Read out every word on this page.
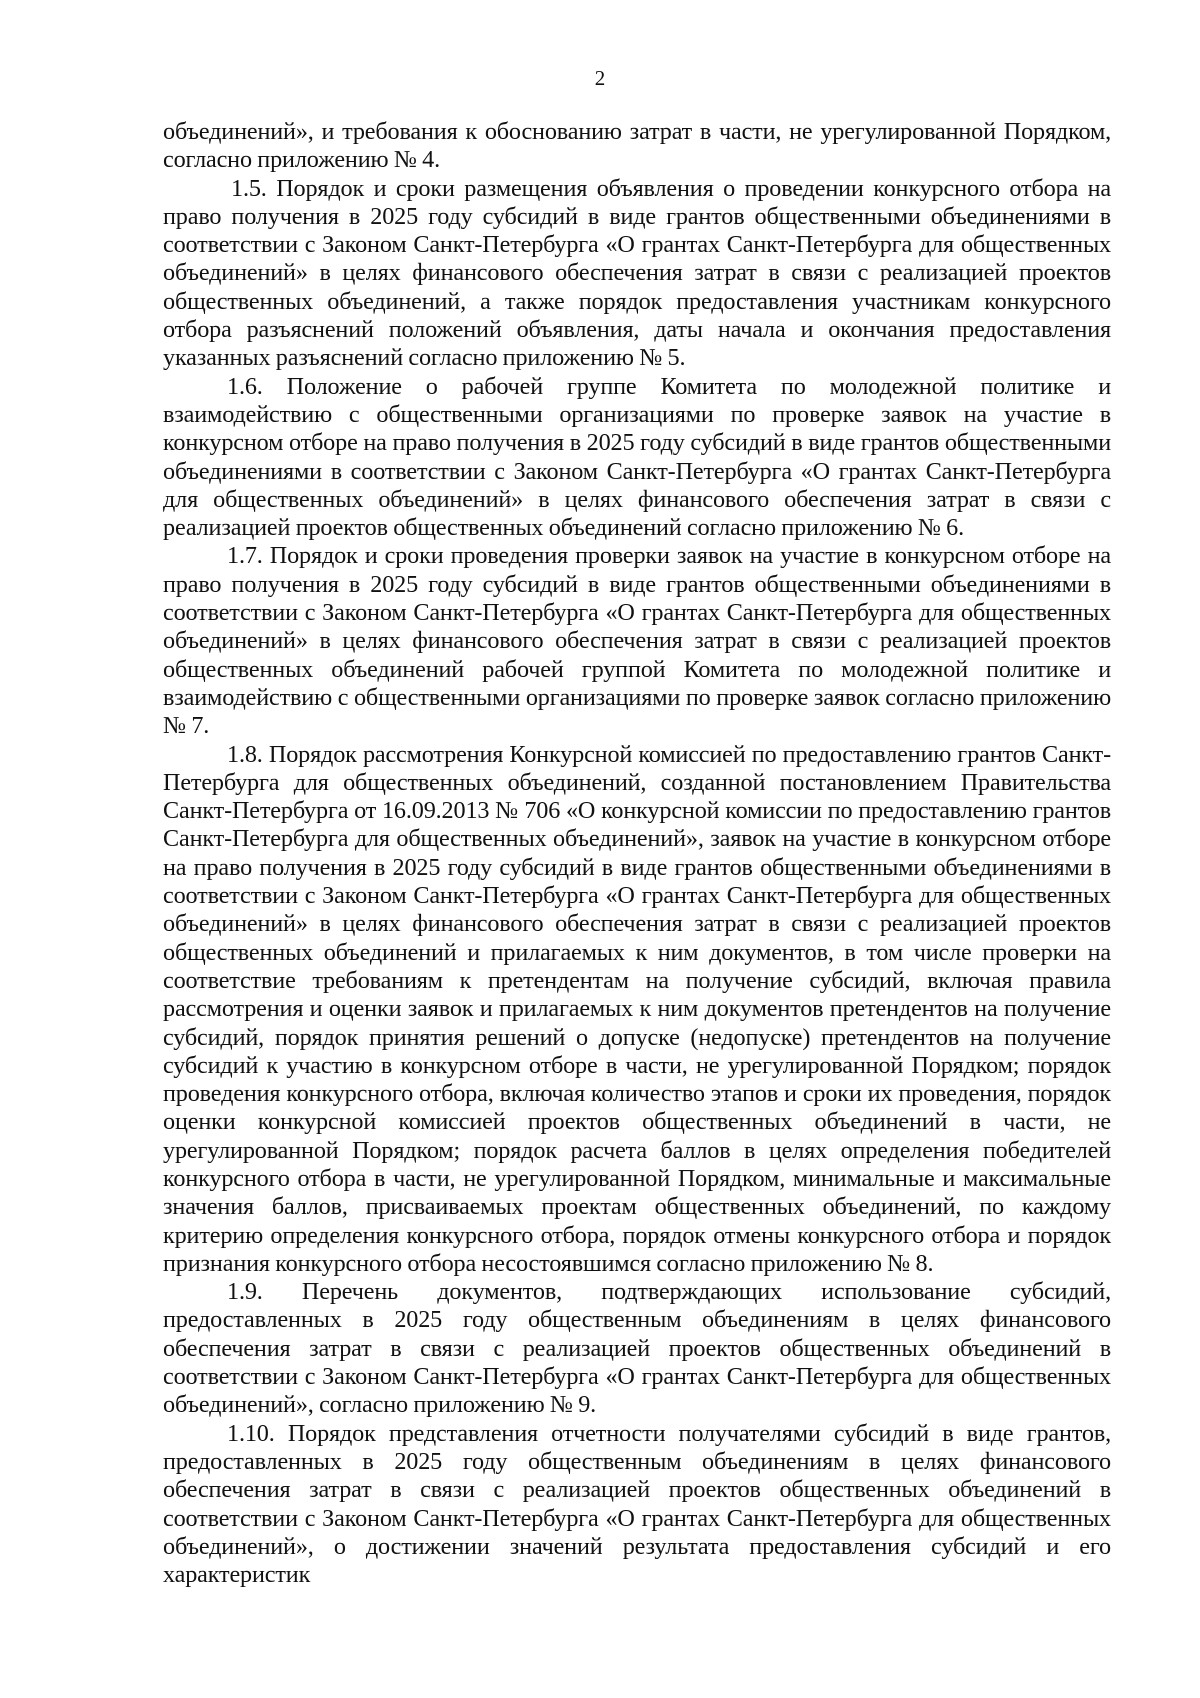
2

объединений», и требования к обоснованию затрат в части, не урегулированной Порядком, согласно приложению № 4.

1.5. Порядок и сроки размещения объявления о проведении конкурсного отбора на право получения в 2025 году субсидий в виде грантов общественными объединениями в соответствии с Законом Санкт-Петербурга «О грантах Санкт-Петербурга для общественных объединений» в целях финансового обеспечения затрат в связи с реализацией проектов общественных объединений, а также порядок предоставления участникам конкурсного отбора разъяснений положений объявления, даты начала и окончания предоставления указанных разъяснений согласно приложению № 5.

1.6. Положение о рабочей группе Комитета по молодежной политике и взаимодействию с общественными организациями по проверке заявок на участие в конкурсном отборе на право получения в 2025 году субсидий в виде грантов общественными объединениями в соответствии с Законом Санкт-Петербурга «О грантах Санкт-Петербурга для общественных объединений» в целях финансового обеспечения затрат в связи с реализацией проектов общественных объединений согласно приложению № 6.

1.7. Порядок и сроки проведения проверки заявок на участие в конкурсном отборе на право получения в 2025 году субсидий в виде грантов общественными объединениями в соответствии с Законом Санкт-Петербурга «О грантах Санкт-Петербурга для общественных объединений» в целях финансового обеспечения затрат в связи с реализацией проектов общественных объединений рабочей группой Комитета по молодежной политике и взаимодействию с общественными организациями по проверке заявок согласно приложению № 7.

1.8. Порядок рассмотрения Конкурсной комиссией по предоставлению грантов Санкт-Петербурга для общественных объединений, созданной постановлением Правительства Санкт-Петербурга от 16.09.2013 № 706 «О конкурсной комиссии по предоставлению грантов Санкт-Петербурга для общественных объединений», заявок на участие в конкурсном отборе на право получения в 2025 году субсидий в виде грантов общественными объединениями в соответствии с Законом Санкт-Петербурга «О грантах Санкт-Петербурга для общественных объединений» в целях финансового обеспечения затрат в связи с реализацией проектов общественных объединений и прилагаемых к ним документов, в том числе проверки на соответствие требованиям к претендентам на получение субсидий, включая правила рассмотрения и оценки заявок и прилагаемых к ним документов претендентов на получение субсидий, порядок принятия решений о допуске (недопуске) претендентов на получение субсидий к участию в конкурсном отборе в части, не урегулированной Порядком; порядок проведения конкурсного отбора, включая количество этапов и сроки их проведения, порядок оценки конкурсной комиссией проектов общественных объединений в части, не урегулированной Порядком; порядок расчета баллов в целях определения победителей конкурсного отбора в части, не урегулированной Порядком, минимальные и максимальные значения баллов, присваиваемых проектам общественных объединений, по каждому критерию определения конкурсного отбора, порядок отмены конкурсного отбора и порядок признания конкурсного отбора несостоявшимся согласно приложению № 8.

1.9. Перечень документов, подтверждающих использование субсидий, предоставленных в 2025 году общественным объединениям в целях финансового обеспечения затрат в связи с реализацией проектов общественных объединений в соответствии с Законом Санкт-Петербурга «О грантах Санкт-Петербурга для общественных объединений», согласно приложению № 9.

1.10. Порядок представления отчетности получателями субсидий в виде грантов, предоставленных в 2025 году общественным объединениям в целях финансового обеспечения затрат в связи с реализацией проектов общественных объединений в соответствии с Законом Санкт-Петербурга «О грантах Санкт-Петербурга для общественных объединений», о достижении значений результата предоставления субсидий и его характеристик
